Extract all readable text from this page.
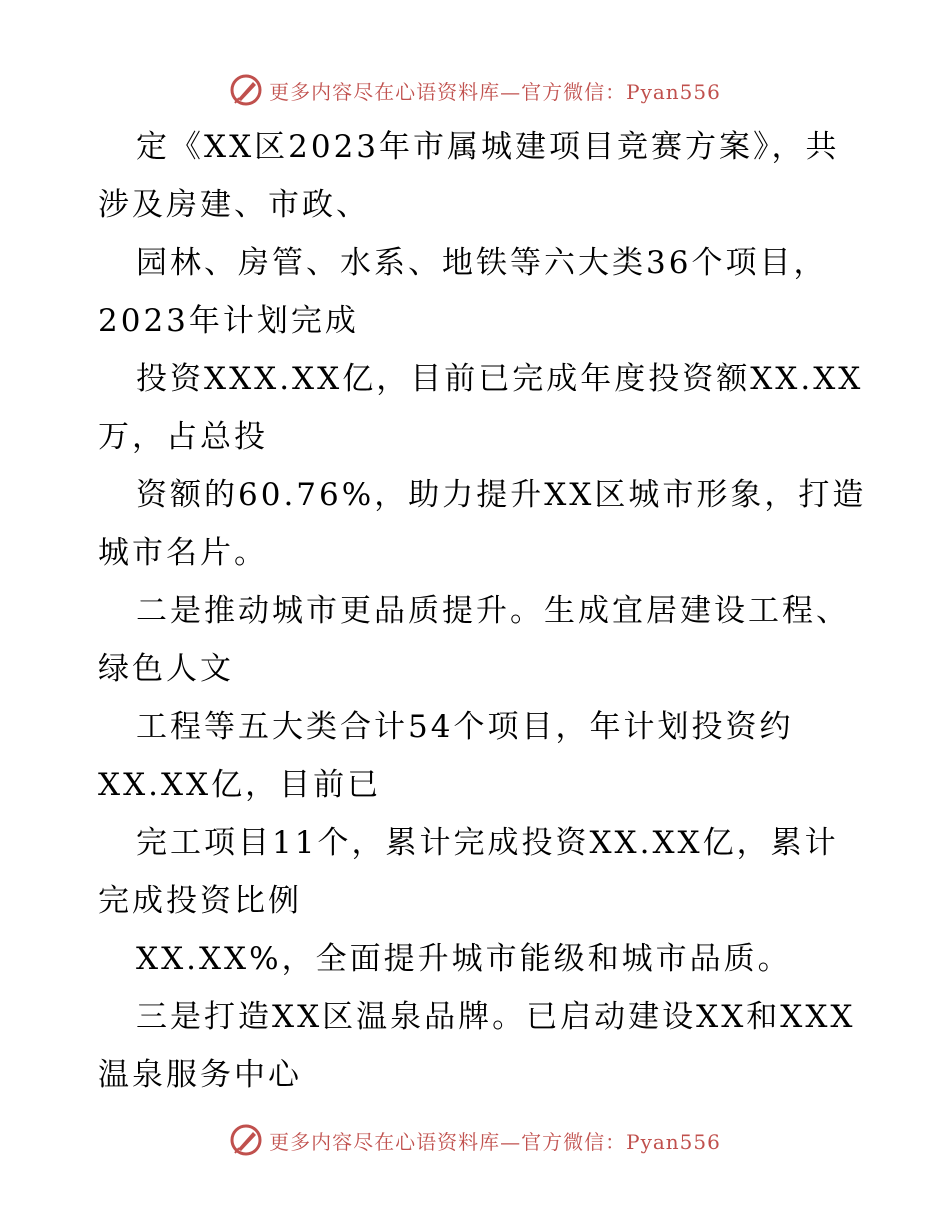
更多内容尽在心语资料库—官方微信：Pyan556
定《XX区2023年市属城建项目竞赛方案》，共
涉及房建、市政、
园林、房管、水系、地铁等六大类36个项目，
2023年计划完成
投资XXX.XX亿，目前已完成年度投资额XX.XX
万，占总投
资额的60.76%，助力提升XX区城市形象，打造
城市名片。
二是推动城市更品质提升。生成宜居建设工程、
绿色人文
工程等五大类合计54个项目，年计划投资约
XX.XX亿，目前已
完工项目11个，累计完成投资XX.XX亿，累计
完成投资比例
XX.XX%，全面提升城市能级和城市品质。
三是打造XX区温泉品牌。已启动建设XX和XXX
温泉服务中心
更多内容尽在心语资料库—官方微信：Pyan556
